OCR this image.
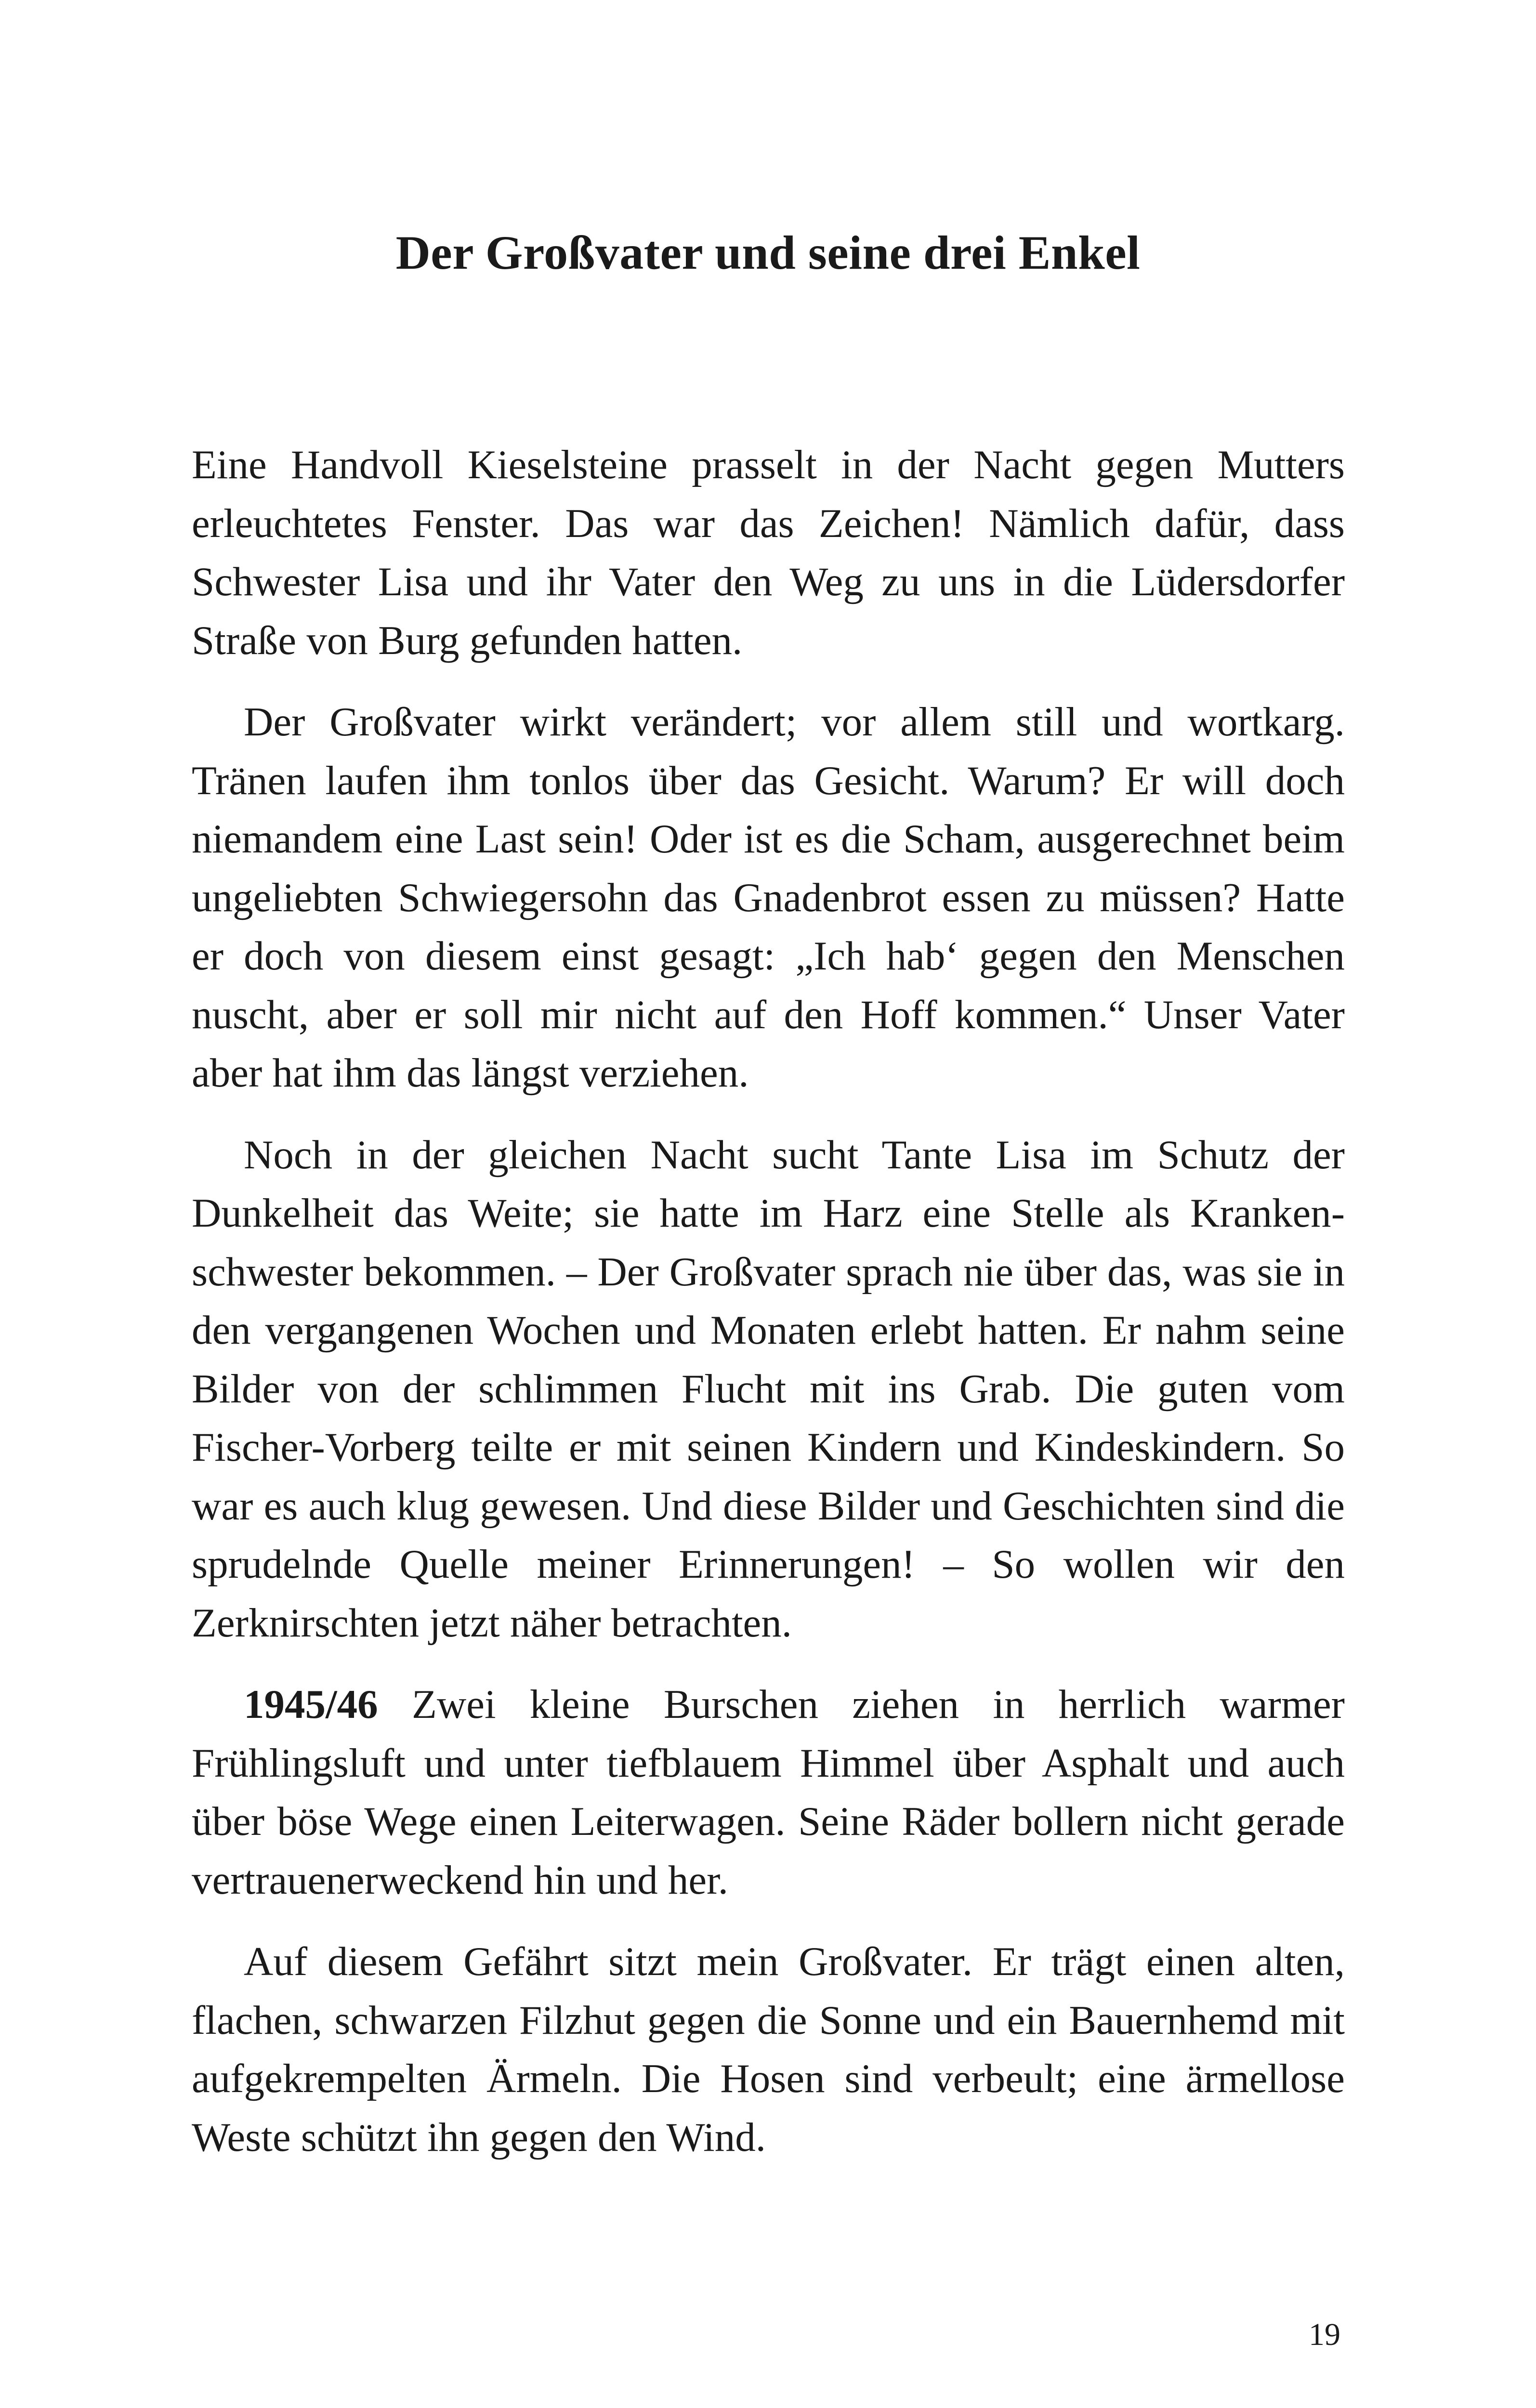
Der Großvater und seine drei Enkel

Eine Handvoll Kieselsteine prasselt in der Nacht gegen Mutters erleuchtetes Fenster. Das war das Zeichen! Nämlich dafür, dass Schwester Lisa und ihr Vater den Weg zu uns in die Lüdersdorfer Straße von Burg gefunden hatten.

Der Großvater wirkt verändert; vor allem still und wortkarg. Tränen laufen ihm tonlos über das Gesicht. Warum? Er will doch niemandem eine Last sein! Oder ist es die Scham, ausgerechnet beim ungeliebten Schwiegersohn das Gnadenbrot essen zu müssen? Hatte er doch von diesem einst gesagt: „Ich hab‘ gegen den Menschen nuscht, aber er soll mir nicht auf den Hoff kommen.“ Unser Vater aber hat ihm das längst verziehen.

Noch in der gleichen Nacht sucht Tante Lisa im Schutz der Dunkelheit das Weite; sie hatte im Harz eine Stelle als Krankenschwester bekommen. – Der Großvater sprach nie über das, was sie in den vergangenen Wochen und Monaten erlebt hatten. Er nahm seine Bilder von der schlimmen Flucht mit ins Grab. Die guten vom Fischer-Vorberg teilte er mit seinen Kindern und Kindeskindern. So war es auch klug gewesen. Und diese Bilder und Geschichten sind die sprudelnde Quelle meiner Erinnerungen! – So wollen wir den Zerknirschten jetzt näher betrachten.

1945/46 Zwei kleine Burschen ziehen in herrlich warmer Frühlingsluft und unter tiefblauem Himmel über Asphalt und auch über böse Wege einen Leiterwagen. Seine Räder bollern nicht gerade vertrauenerweckend hin und her.

Auf diesem Gefährt sitzt mein Großvater. Er trägt einen alten, flachen, schwarzen Filzhut gegen die Sonne und ein Bauernhemd mit aufgekrempelten Ärmeln. Die Hosen sind verbeult; eine ärmellose Weste schützt ihn gegen den Wind.

19
